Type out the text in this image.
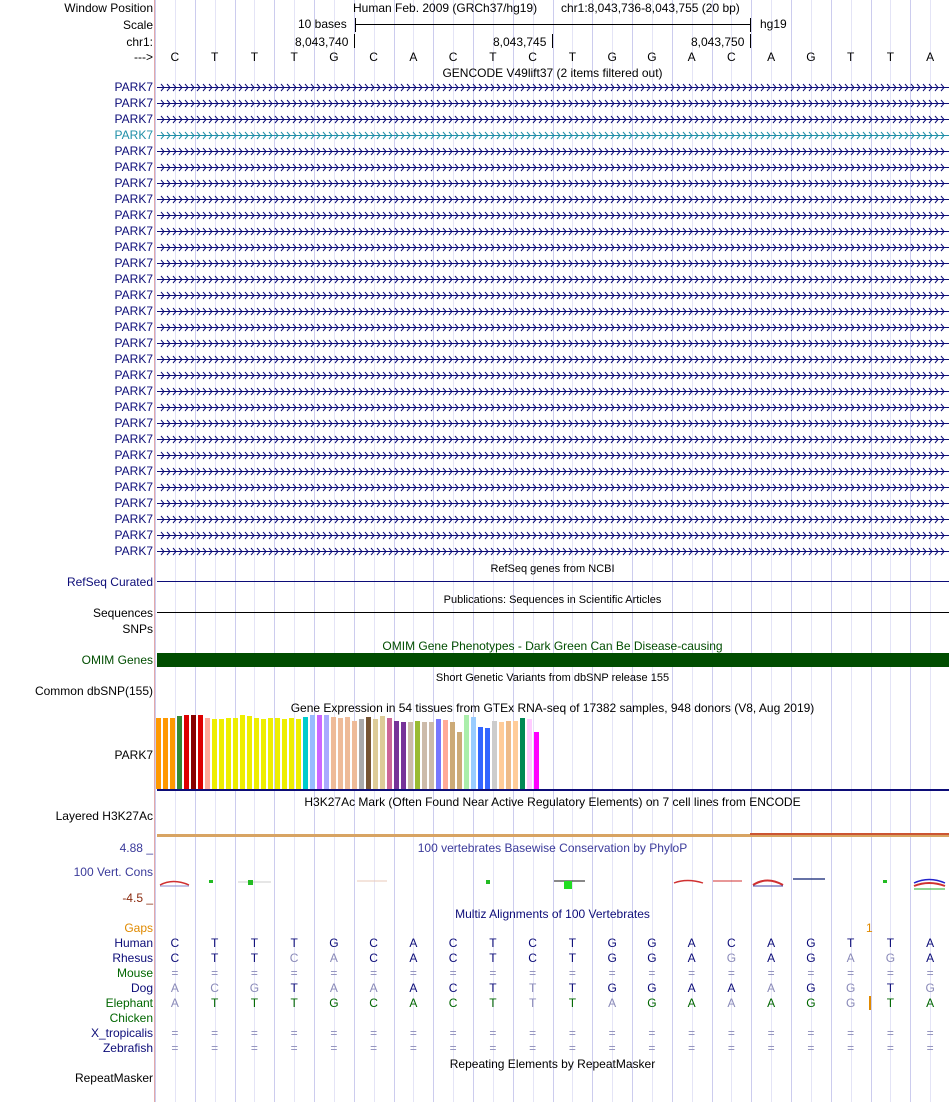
Window Position	Human Feb. 2009 (GRCh37/hg19) chr1:8,043,736-8,043,755 (20 bp)
Scale	10 bases	hg19
chr1:	8,043,740	8,043,745	8,043,750
--->	C	T	T	T	G	C	A	C	T	C	T	G	G	A	C	A	G	T	T	A
GENCODE V49lift37 (2 items filtered out)
PARK7
PARK7
PARK7
PARK7
PARK7
PARK7
PARK7
PARK7
PARK7
PARK7
PARK7
PARK7
PARK7
PARK7
PARK7
PARK7
PARK7
PARK7
PARK7
PARK7
PARK7
PARK7
PARK7
PARK7
PARK7
PARK7
PARK7
PARK7
PARK7
PARK7
RefSeq genes from NCBI
RefSeq Curated
Publications: Sequences in Scientific Articles
Sequences
SNPs
OMIM Gene Phenotypes - Dark Green Can Be Disease-causing
OMIM Genes
Short Genetic Variants from dbSNP release 155
Common dbSNP(155)
Gene Expression in 54 tissues from GTEx RNA-seq of 17382 samples, 948 donors (V8, Aug 2019)
PARK7
H3K27Ac Mark (Often Found Near Active Regulatory Elements) on 7 cell lines from ENCODE
Layered H3K27Ac
100 vertebrates Basewise Conservation by PhyloP
4.88 _
100 Vert. Cons
-4.5 _
Multiz Alignments of 100 Vertebrates
Gaps	1
Human	C	T	T	T	G	C	A	C	T	C	T	G	G	A	C	A	G	T	T	A
Rhesus	C	T	T	C	A	C	A	C	T	C	T	G	G	A	G	A	G	A	G	A
Mouse	=	=	=	=	=	=	=	=	=	=	=	=	=	=	=	=	=	=	=	=
Dog	A	C	G	T	A	A	A	C	T	T	T	G	G	A	A	A	G	G	T	G
Elephant	A	T	T	T	G	C	A	C	T	T	T	A	G	A	A	A	G	G	T	A
Chicken
X_tropicalis	=	=	=	=	=	=	=	=	=	=	=	=	=	=	=	=	=	=	=	=
Zebrafish	=	=	=	=	=	=	=	=	=	=	=	=	=	=	=	=	=	=	=	=
Repeating Elements by RepeatMasker
RepeatMasker
